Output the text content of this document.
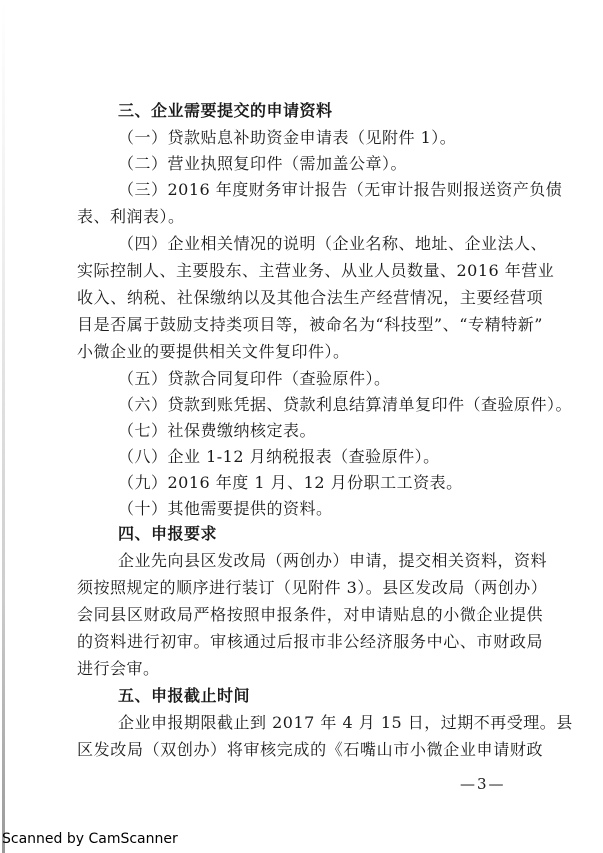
三、企业需要提交的申请资料
（一）贷款贴息补助资金申请表（见附件 1）。
（二）营业执照复印件（需加盖公章）。
（三）2016 年度财务审计报告（无审计报告则报送资产负债
表、利润表）。
（四）企业相关情况的说明（企业名称、地址、企业法人、
实际控制人、主要股东、主营业务、从业人员数量、2016 年营业
收入、纳税、社保缴纳以及其他合法生产经营情况，主要经营项
目是否属于鼓励支持类项目等，被命名为“科技型”、“专精特新”
小微企业的要提供相关文件复印件）。
（五）贷款合同复印件（查验原件）。
（六）贷款到账凭据、贷款利息结算清单复印件（查验原件）。
（七）社保费缴纳核定表。
（八）企业 1-12 月纳税报表（查验原件）。
（九）2016 年度 1 月、12 月份职工工资表。
（十）其他需要提供的资料。
四、申报要求
企业先向县区发改局（两创办）申请，提交相关资料，资料
须按照规定的顺序进行装订（见附件 3）。县区发改局（两创办）
会同县区财政局严格按照申报条件，对申请贴息的小微企业提供
的资料进行初审。审核通过后报市非公经济服务中心、市财政局
进行会审。
五、申报截止时间
企业申报期限截止到 2017 年 4 月 15 日，过期不再受理。县
区发改局（双创办）将审核完成的《石嘴山市小微企业申请财政
—3—
Scanned by CamScanner
